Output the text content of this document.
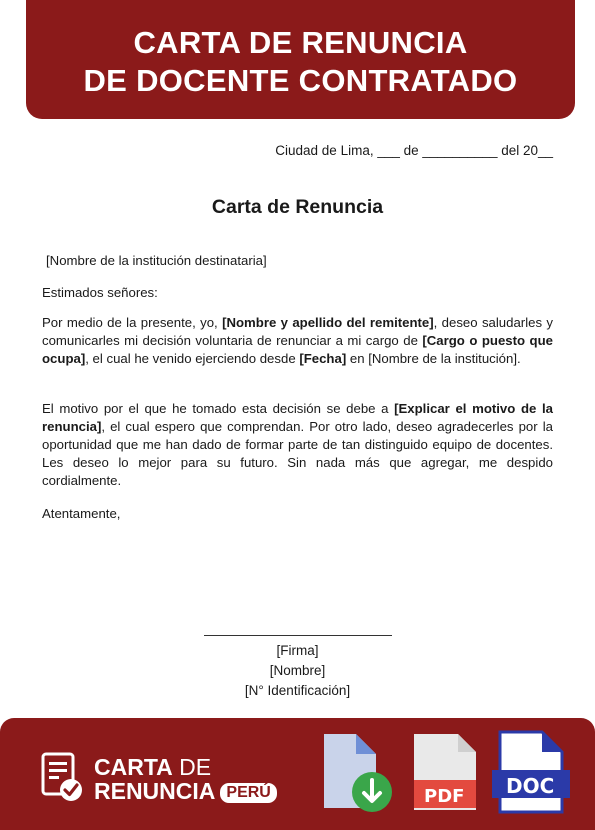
CARTA DE RENUNCIA
DE DOCENTE CONTRATADO
Ciudad de Lima, ___ de __________ del 20__
Carta de Renuncia
[Nombre de la institución destinataria]
Estimados señores:
Por medio de la presente, yo, [Nombre y apellido del remitente], deseo saludarles y comunicarles mi decisión voluntaria de renunciar a mi cargo de [Cargo o puesto que ocupa], el cual he venido ejerciendo desde [Fecha] en [Nombre de la institución].
El motivo por el que he tomado esta decisión se debe a [Explicar el motivo de la renuncia], el cual espero que comprendan. Por otro lado, deseo agradecerles por la oportunidad que me han dado de formar parte de tan distinguido equipo de docentes. Les deseo lo mejor para su futuro. Sin nada más que agregar, me despido cordialmente.
Atentamente,
[Firma]
[Nombre]
[N° Identificación]
CARTA DE
RENUNCIA PERÚ	PDF DOC
